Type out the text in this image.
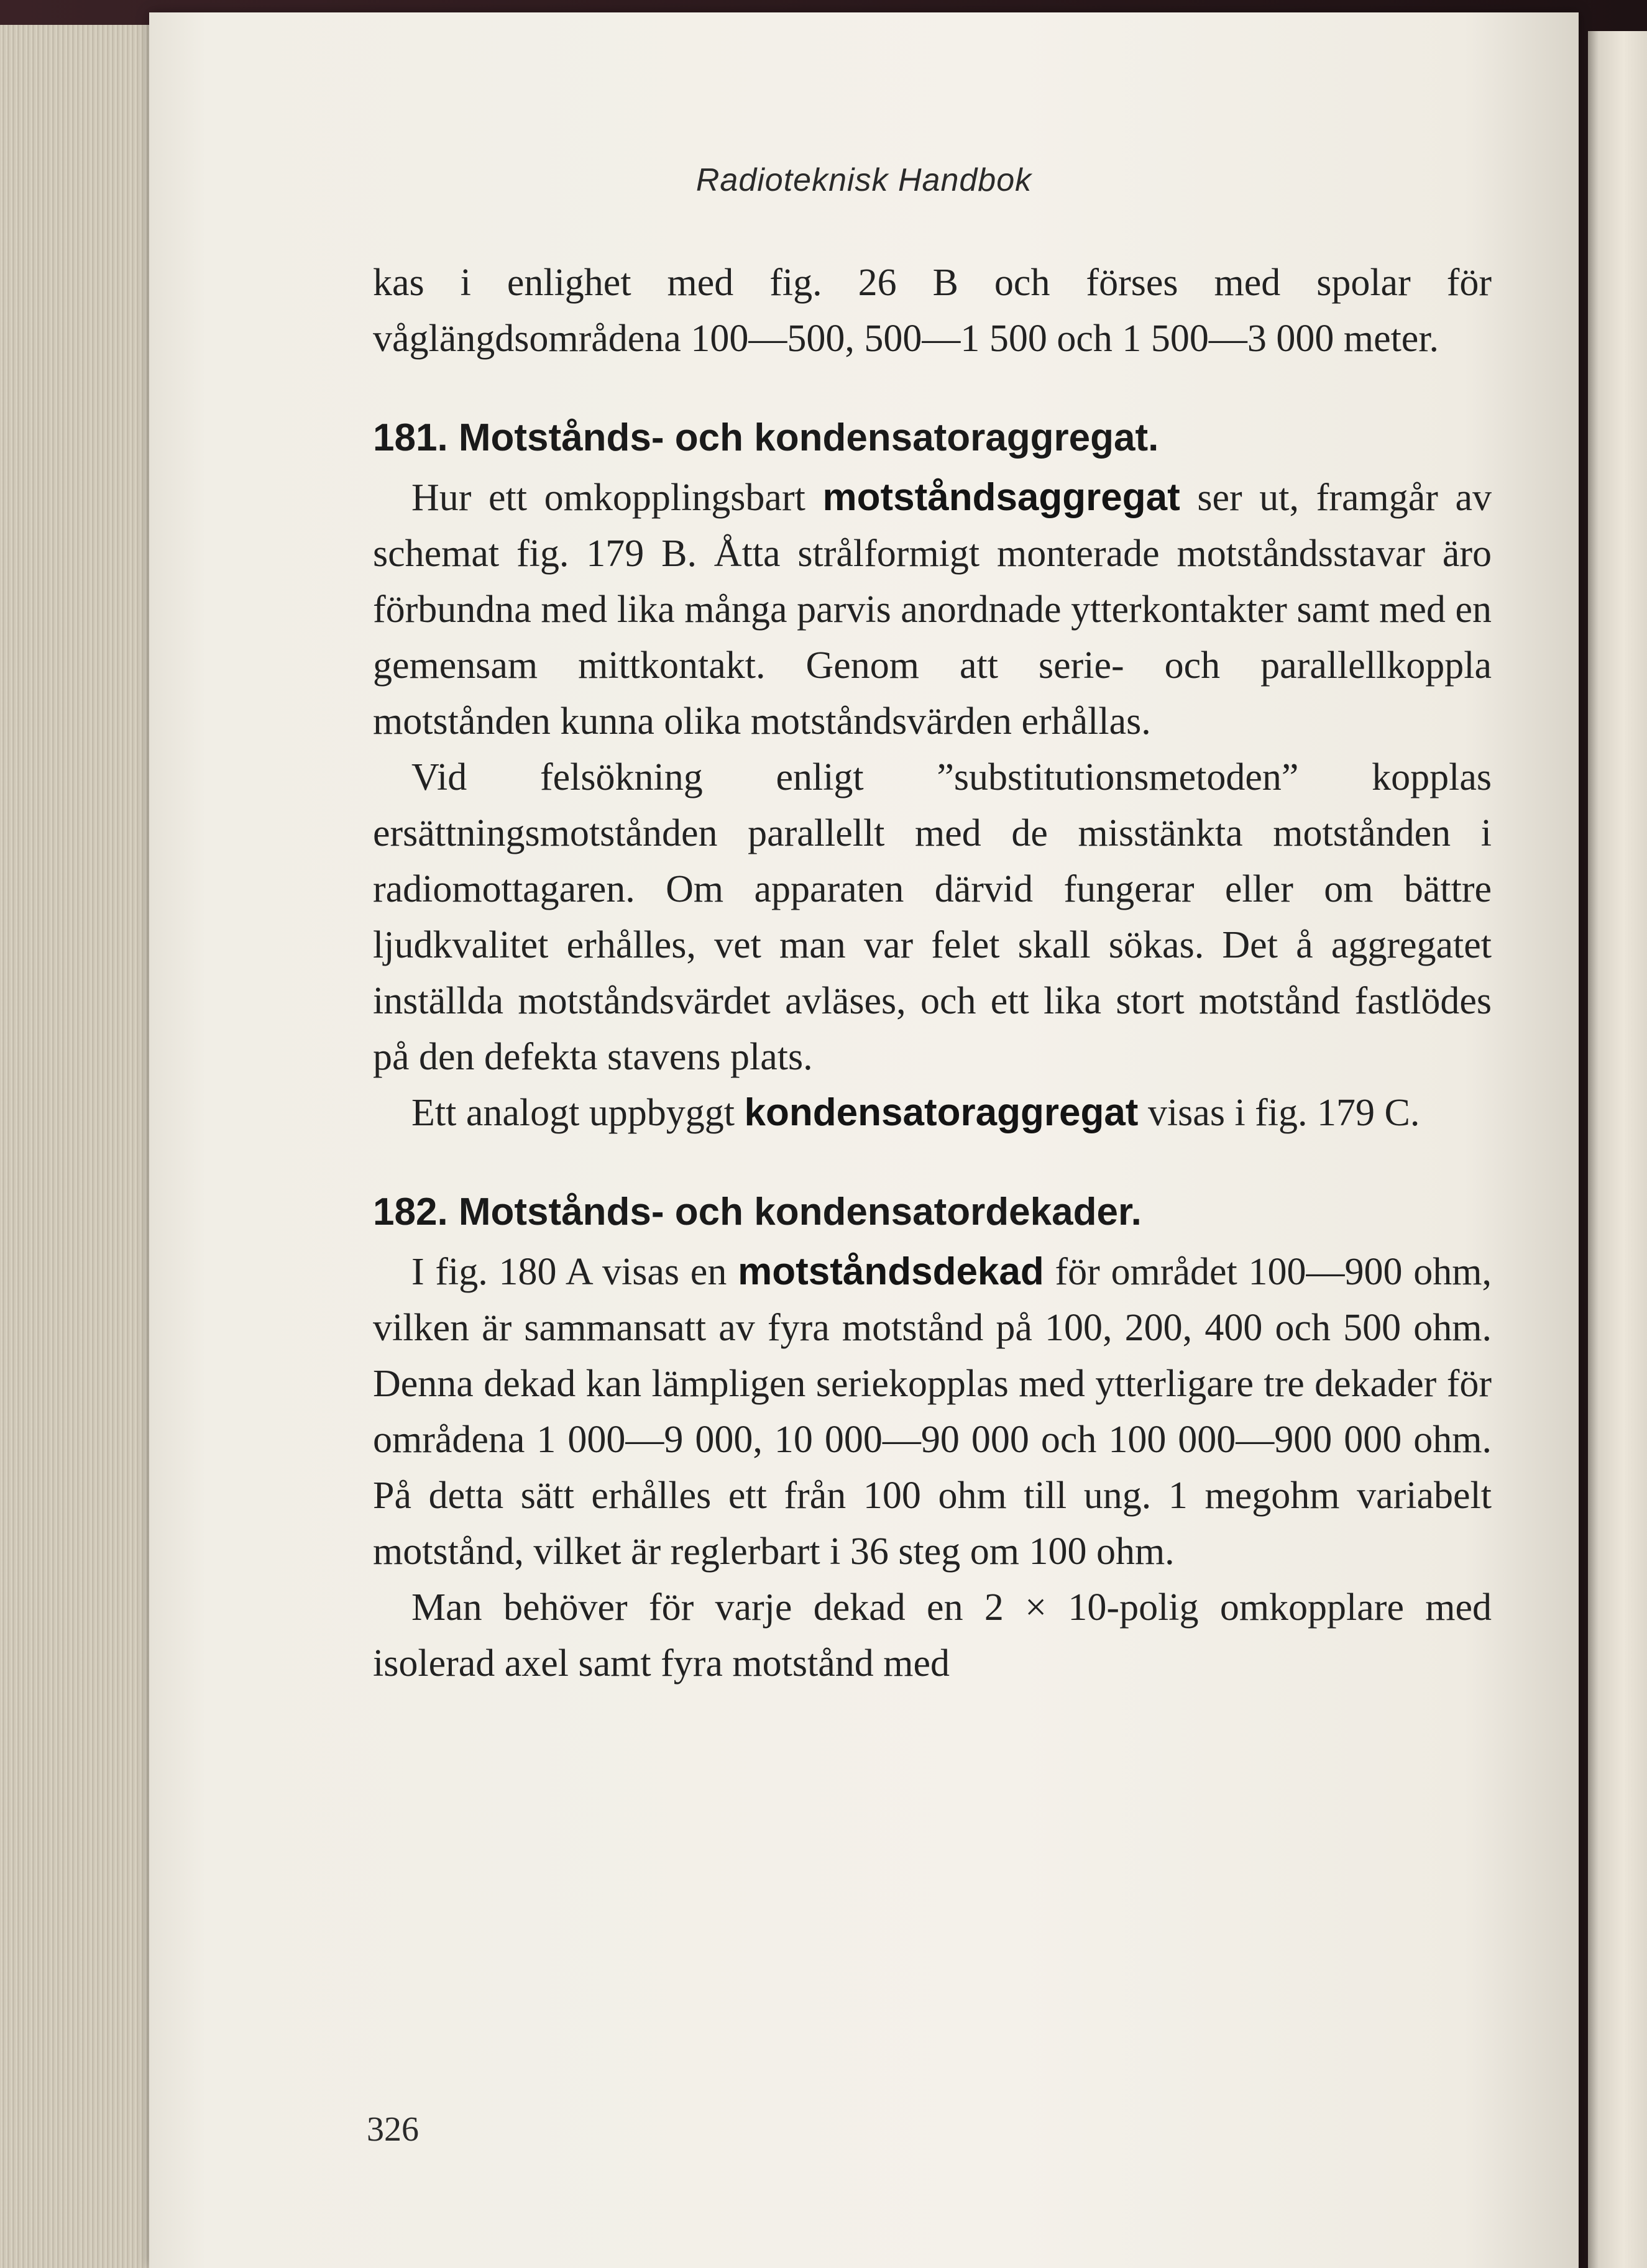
Radioteknisk Handbok

kas i enlighet med fig. 26 B och förses med spolar för våglängdsområdena 100—500, 500—1 500 och 1 500—3 000 meter.

181. Motstånds- och kondensatoraggregat.

Hur ett omkopplingsbart motståndsaggregat ser ut, framgår av schemat fig. 179 B. Åtta strålformigt monterade motståndsstavar äro förbundna med lika många parvis anordnade ytterkontakter samt med en gemensam mittkontakt. Genom att serie- och parallellkoppla motstånden kunna olika motståndsvärden erhållas.

Vid felsökning enligt ”substitutionsmetoden” kopplas ersättningsmotstånden parallellt med de misstänkta motstånden i radiomottagaren. Om apparaten därvid fungerar eller om bättre ljudkvalitet erhålles, vet man var felet skall sökas. Det å aggregatet inställda motståndsvärdet avläses, och ett lika stort motstånd fastlödes på den defekta stavens plats.

Ett analogt uppbyggt kondensatoraggregat visas i fig. 179 C.

182. Motstånds- och kondensatordekader.

I fig. 180 A visas en motståndsdekad för området 100—900 ohm, vilken är sammansatt av fyra motstånd på 100, 200, 400 och 500 ohm. Denna dekad kan lämpligen seriekopplas med ytterligare tre dekader för områdena 1 000—9 000, 10 000—90 000 och 100 000—900 000 ohm. På detta sätt erhålles ett från 100 ohm till ung. 1 megohm variabelt motstånd, vilket är reglerbart i 36 steg om 100 ohm.

Man behöver för varje dekad en 2 × 10-polig omkopplare med isolerad axel samt fyra motstånd med

326
